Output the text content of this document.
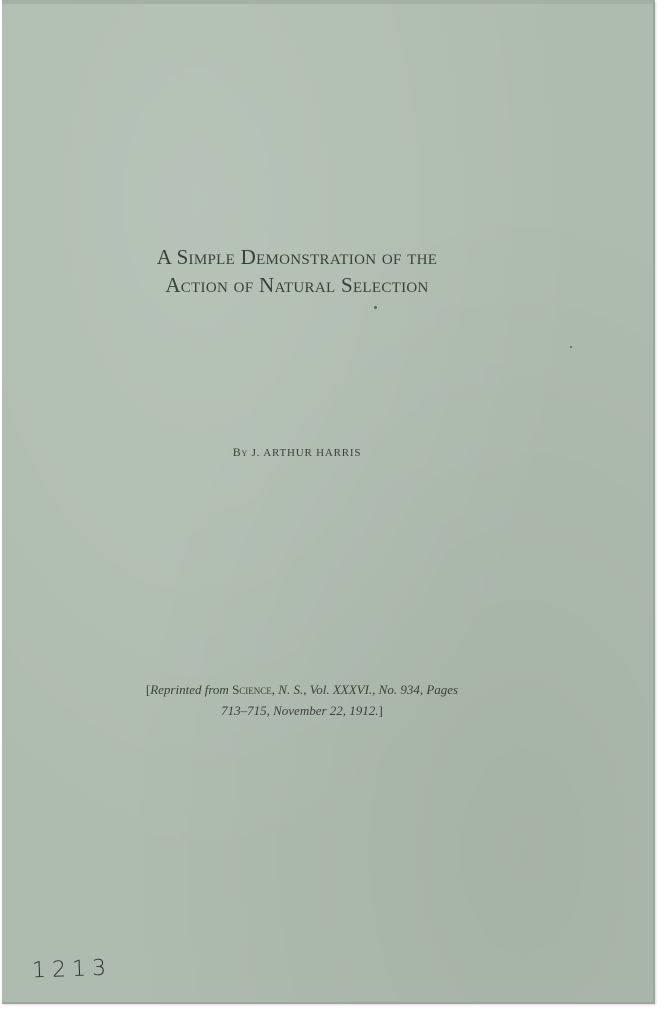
A Simple Demonstration of the
Action of Natural Selection
By J. ARTHUR HARRIS
[Reprinted from Science, N. S., Vol. XXXVI., No. 934, Pages
713–715, November 22, 1912.]
1213
